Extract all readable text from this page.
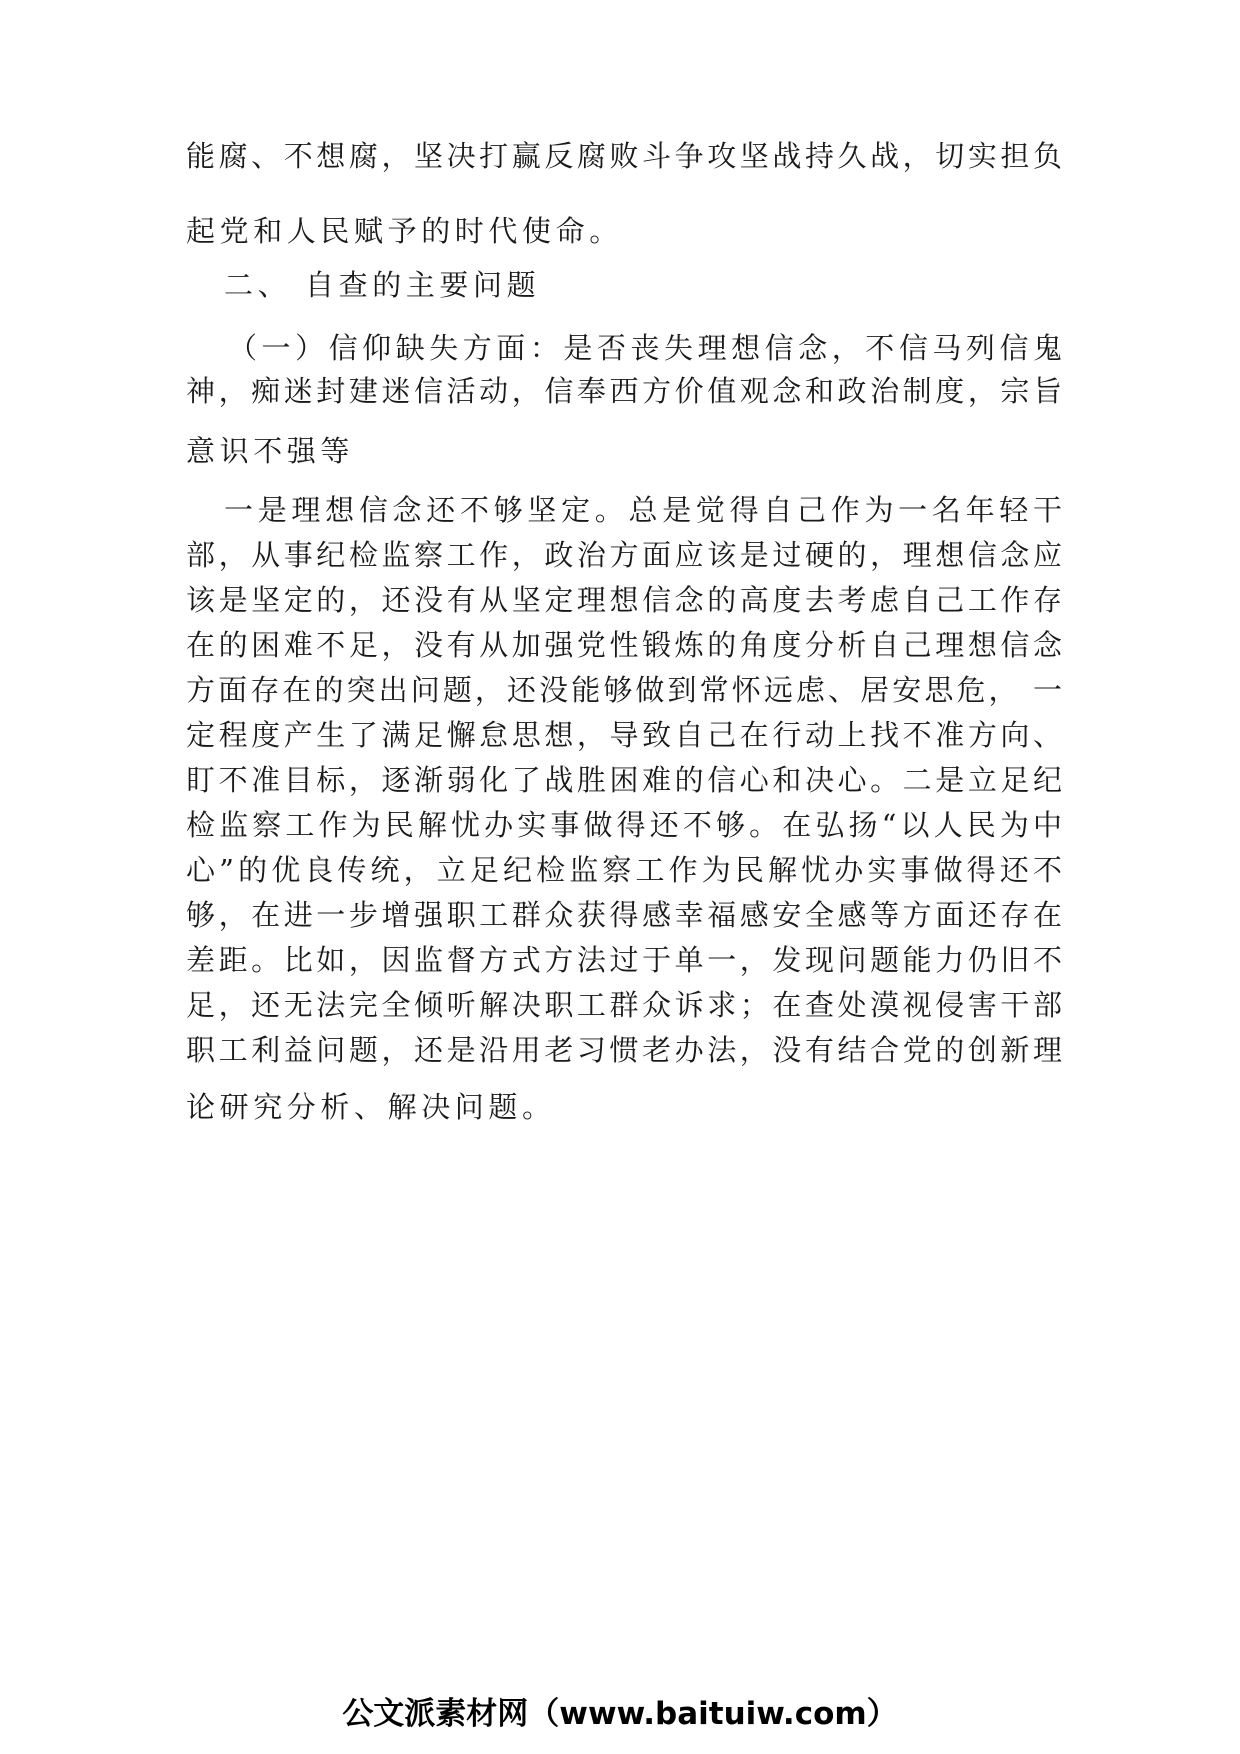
能腐、不想腐，坚决打赢反腐败斗争攻坚战持久战，切实担负
起党和人民赋予的时代使命。
二、 自查的主要问题
（一）信仰缺失方面：是否丧失理想信念，不信马列信鬼
神，痴迷封建迷信活动，信奉西方价值观念和政治制度，宗旨
意识不强等
一是理想信念还不够坚定。总是觉得自己作为一名年轻干
部，从事纪检监察工作，政治方面应该是过硬的，理想信念应
该是坚定的，还没有从坚定理想信念的高度去考虑自己工作存
在的困难不足，没有从加强党性锻炼的角度分析自己理想信念
方面存在的突出问题，还没能够做到常怀远虑、居安思危， 一
定程度产生了满足懈怠思想，导致自己在行动上找不准方向、
盯不准目标，逐渐弱化了战胜困难的信心和决心。二是立足纪
检监察工作为民解忧办实事做得还不够。在弘扬“以人民为中
心”的优良传统，立足纪检监察工作为民解忧办实事做得还不
够，在进一步增强职工群众获得感幸福感安全感等方面还存在
差距。比如，因监督方式方法过于单一，发现问题能力仍旧不
足，还无法完全倾听解决职工群众诉求；在查处漠视侵害干部
职工利益问题，还是沿用老习惯老办法，没有结合党的创新理
论研究分析、解决问题。
公文派素材网（www.baituiw.com）
